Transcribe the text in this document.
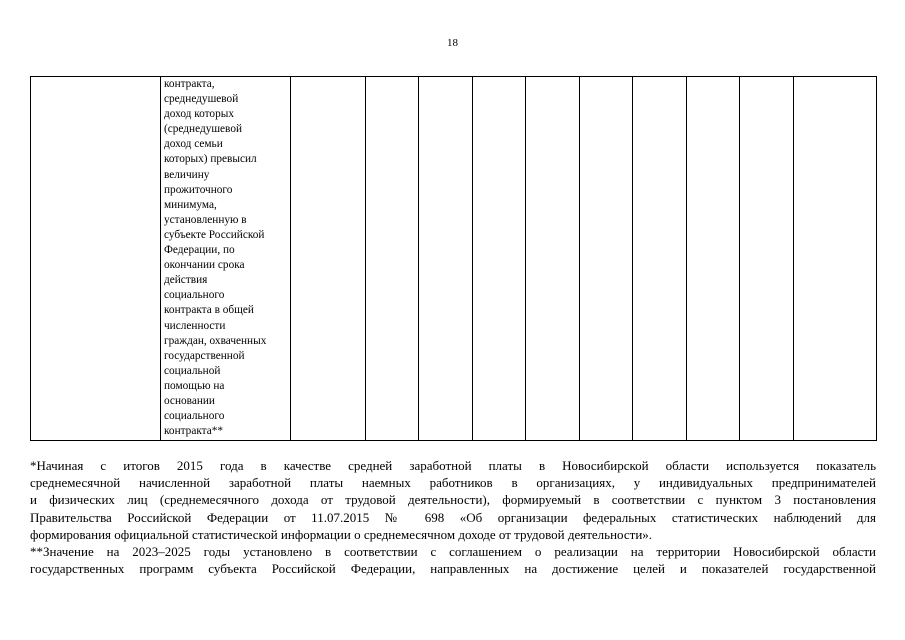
18

контракта,
среднедушевой
доход которых
(среднедушевой
доход семьи
которых) превысил
величину
прожиточного
минимума,
установленную в
субъекте Российской
Федерации, по
окончании срока
действия
социального
контракта в общей
численности
граждан, охваченных
государственной
социальной
помощью на
основании
социального
контракта**

*Начиная с итогов 2015 года в качестве средней заработной платы в Новосибирской области используется показатель
среднемесячной начисленной заработной платы наемных работников в организациях, у индивидуальных предпринимателей
и физических лиц (среднемесячного дохода от трудовой деятельности), формируемый в соответствии с пунктом 3 постановления
Правительства Российской Федерации от 11.07.2015 № 698 «Об организации федеральных статистических наблюдений для
формирования официальной статистической информации о среднемесячном доходе от трудовой деятельности».
**Значение на 2023–2025 годы установлено в соответствии с соглашением о реализации на территории Новосибирской области
государственных программ субъекта Российской Федерации, направленных на достижение целей и показателей государственной
